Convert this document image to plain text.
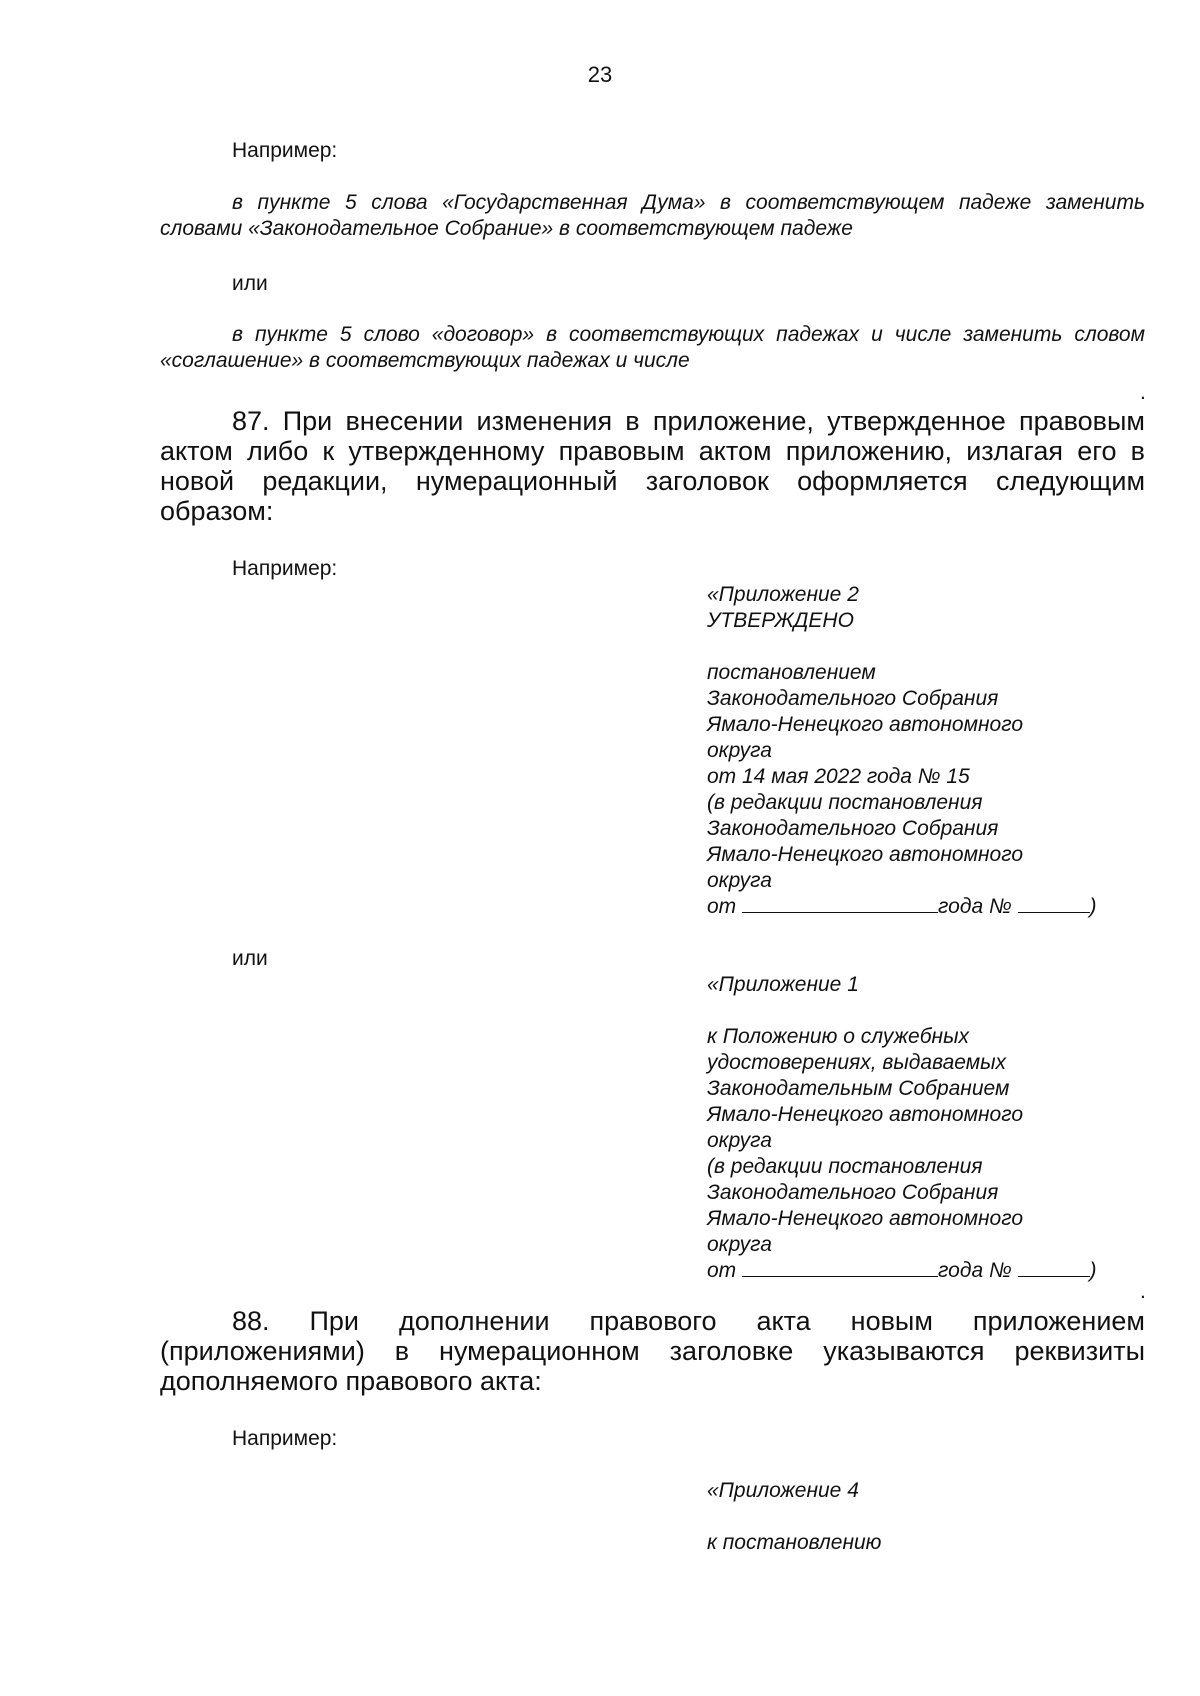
23
Например:
в пункте 5 слова «Государственная Дума» в соответствующем падеже заменить словами «Законодательное Собрание» в соответствующем падеже
или
в пункте 5 слово «договор» в соответствующих падежах и числе заменить словом «соглашение» в соответствующих падежах и числе
.
87. При внесении изменения в приложение, утвержденное правовым актом либо к утвержденному правовым актом приложению, излагая его в новой редакции, нумерационный заголовок оформляется следующим образом:
Например:
«Приложение 2
УТВЕРЖДЕНО
постановлением
Законодательного Собрания
Ямало-Ненецкого автономного
округа
от 14 мая 2022 года № 15
(в редакции постановления
Законодательного Собрания
Ямало-Ненецкого автономного
округа
от	года №	)
или
«Приложение 1
к Положению о служебных
удостоверениях, выдаваемых
Законодательным Собранием
Ямало-Ненецкого автономного
округа
(в редакции постановления
Законодательного Собрания
Ямало-Ненецкого автономного
округа
от	года №	)
.
88. При дополнении правового акта новым приложением (приложениями) в нумерационном заголовке указываются реквизиты дополняемого правового акта:
Например:
«Приложение 4
к постановлению
